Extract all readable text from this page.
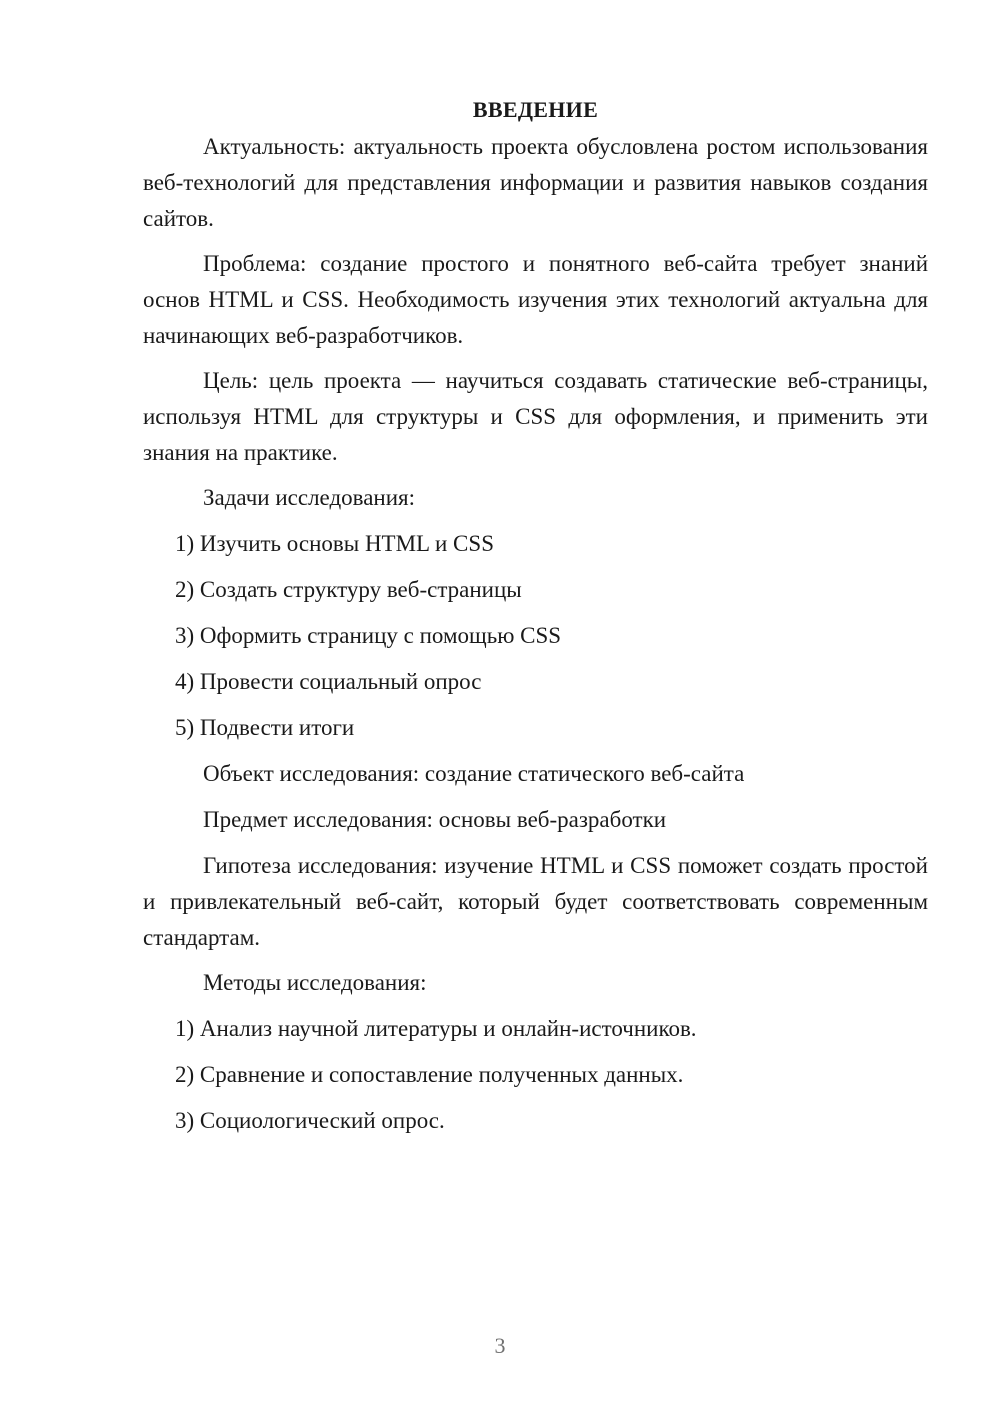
ВВЕДЕНИЕ

Актуальность: актуальность проекта обусловлена ростом использования веб-технологий для представления информации и развития навыков создания сайтов.

Проблема: создание простого и понятного веб-сайта требует знаний основ HTML и CSS. Необходимость изучения этих технологий актуальна для начинающих веб-разработчиков.

Цель: цель проекта — научиться создавать статические веб-страницы, используя HTML для структуры и CSS для оформления, и применить эти знания на практике.

Задачи исследования:
1) Изучить основы HTML и CSS
2) Создать структуру веб-страницы
3) Оформить страницу с помощью CSS
4) Провести социальный опрос
5) Подвести итоги
Объект исследования: создание статического веб-сайта
Предмет исследования: основы веб-разработки

Гипотеза исследования: изучение HTML и CSS поможет создать простой и привлекательный веб-сайт, который будет соответствовать современным стандартам.

Методы исследования:
1) Анализ научной литературы и онлайн-источников.
2) Сравнение и сопоставление полученных данных.
3) Социологический опрос.
3
